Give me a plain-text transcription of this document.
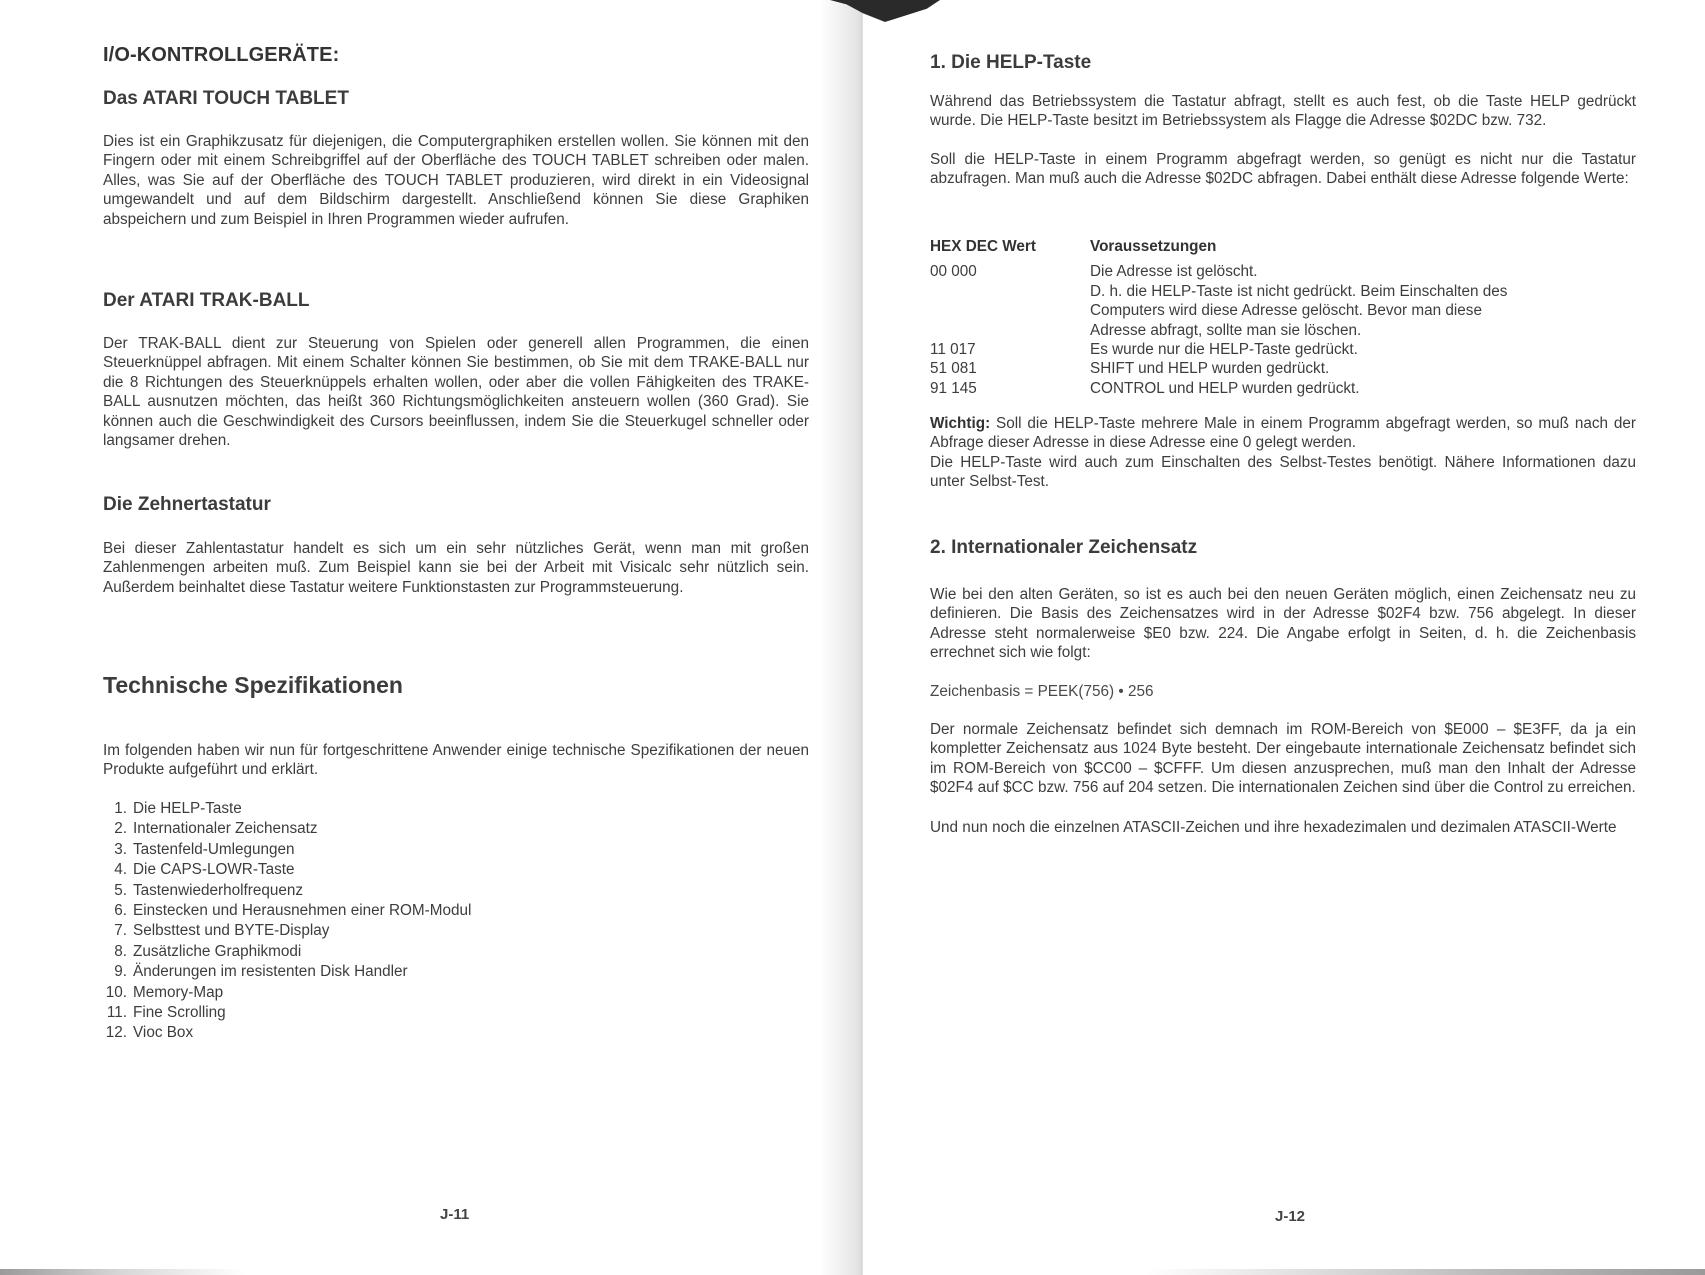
I/O-KONTROLLGERÄTE:
Das ATARI TOUCH TABLET

Dies ist ein Graphikzusatz für diejenigen, die Computergraphiken erstellen wollen. Sie können mit den Fingern oder mit einem Schreibgriffel auf der Oberfläche des TOUCH TABLET schreiben oder malen. Alles, was Sie auf der Oberfläche des TOUCH TABLET produzieren, wird direkt in ein Videosignal umgewandelt und auf dem Bildschirm dargestellt. Anschließend können Sie diese Graphiken abspeichern und zum Beispiel in Ihren Programmen wieder aufrufen.

Der ATARI TRAK-BALL

Der TRAK-BALL dient zur Steuerung von Spielen oder generell allen Programmen, die einen Steuerknüppel abfragen. Mit einem Schalter können Sie bestimmen, ob Sie mit dem TRAKE-BALL nur die 8 Richtungen des Steuerknüppels erhalten wollen, oder aber die vollen Fähigkeiten des TRAKE-BALL ausnutzen möchten, das heißt 360 Richtungsmöglichkeiten ansteuern wollen (360 Grad). Sie können auch die Geschwindigkeit des Cursors beeinflussen, indem Sie die Steuerkugel schneller oder langsamer drehen.

Die Zehnertastatur

Bei dieser Zahlentastatur handelt es sich um ein sehr nützliches Gerät, wenn man mit großen Zahlenmengen arbeiten muß. Zum Beispiel kann sie bei der Arbeit mit Visicalc sehr nützlich sein. Außerdem beinhaltet diese Tastatur weitere Funktionstasten zur Programmsteuerung.

Technische Spezifikationen

Im folgenden haben wir nun für fortgeschrittene Anwender einige technische Spezifikationen der neuen Produkte aufgeführt und erklärt.

1. Die HELP-Taste
2. Internationaler Zeichensatz
3. Tastenfeld-Umlegungen
4. Die CAPS-LOWR-Taste
5. Tastenwiederholfrequenz
6. Einstecken und Herausnehmen einer ROM-Modul
7. Selbsttest und BYTE-Display
8. Zusätzliche Graphikmodi
9. Änderungen im resistenten Disk Handler
10. Memory-Map
11. Fine Scrolling
12. Vioc Box
J-11
1. Die HELP-Taste

Während das Betriebssystem die Tastatur abfragt, stellt es auch fest, ob die Taste HELP gedrückt wurde. Die HELP-Taste besitzt im Betriebssystem als Flagge die Adresse $02DC bzw. 732.

Soll die HELP-Taste in einem Programm abgefragt werden, so genügt es nicht nur die Tastatur abzufragen. Man muß auch die Adresse $02DC abfragen. Dabei enthält diese Adresse folgende Werte:

HEX DEC Wert	Voraussetzungen
00 000	Die Adresse ist gelöscht.
D. h. die HELP-Taste ist nicht gedrückt. Beim Einschalten des
Computers wird diese Adresse gelöscht. Bevor man diese
Adresse abfragt, sollte man sie löschen.
11 017	Es wurde nur die HELP-Taste gedrückt.
51 081	SHIFT und HELP wurden gedrückt.
91 145	CONTROL und HELP wurden gedrückt.

Wichtig: Soll die HELP-Taste mehrere Male in einem Programm abgefragt werden, so muß nach der Abfrage dieser Adresse in diese Adresse eine 0 gelegt werden.

Die HELP-Taste wird auch zum Einschalten des Selbst-Testes benötigt. Nähere Informationen dazu unter Selbst-Test.

2. Internationaler Zeichensatz

Wie bei den alten Geräten, so ist es auch bei den neuen Geräten möglich, einen Zeichensatz neu zu definieren. Die Basis des Zeichensatzes wird in der Adresse $02F4 bzw. 756 abgelegt. In dieser Adresse steht normalerweise $E0 bzw. 224. Die Angabe erfolgt in Seiten, d. h. die Zeichenbasis errechnet sich wie folgt:

Zeichenbasis = PEEK(756) • 256

Der normale Zeichensatz befindet sich demnach im ROM-Bereich von $E000 – $E3FF, da ja ein kompletter Zeichensatz aus 1024 Byte besteht. Der eingebaute internationale Zeichensatz befindet sich im ROM-Bereich von $CC00 – $CFFF. Um diesen anzusprechen, muß man den Inhalt der Adresse $02F4 auf $CC bzw. 756 auf 204 setzen. Die internationalen Zeichen sind über die Control zu erreichen.

Und nun noch die einzelnen ATASCII-Zeichen und ihre hexadezimalen und dezimalen ATASCII-Werte

J-12
